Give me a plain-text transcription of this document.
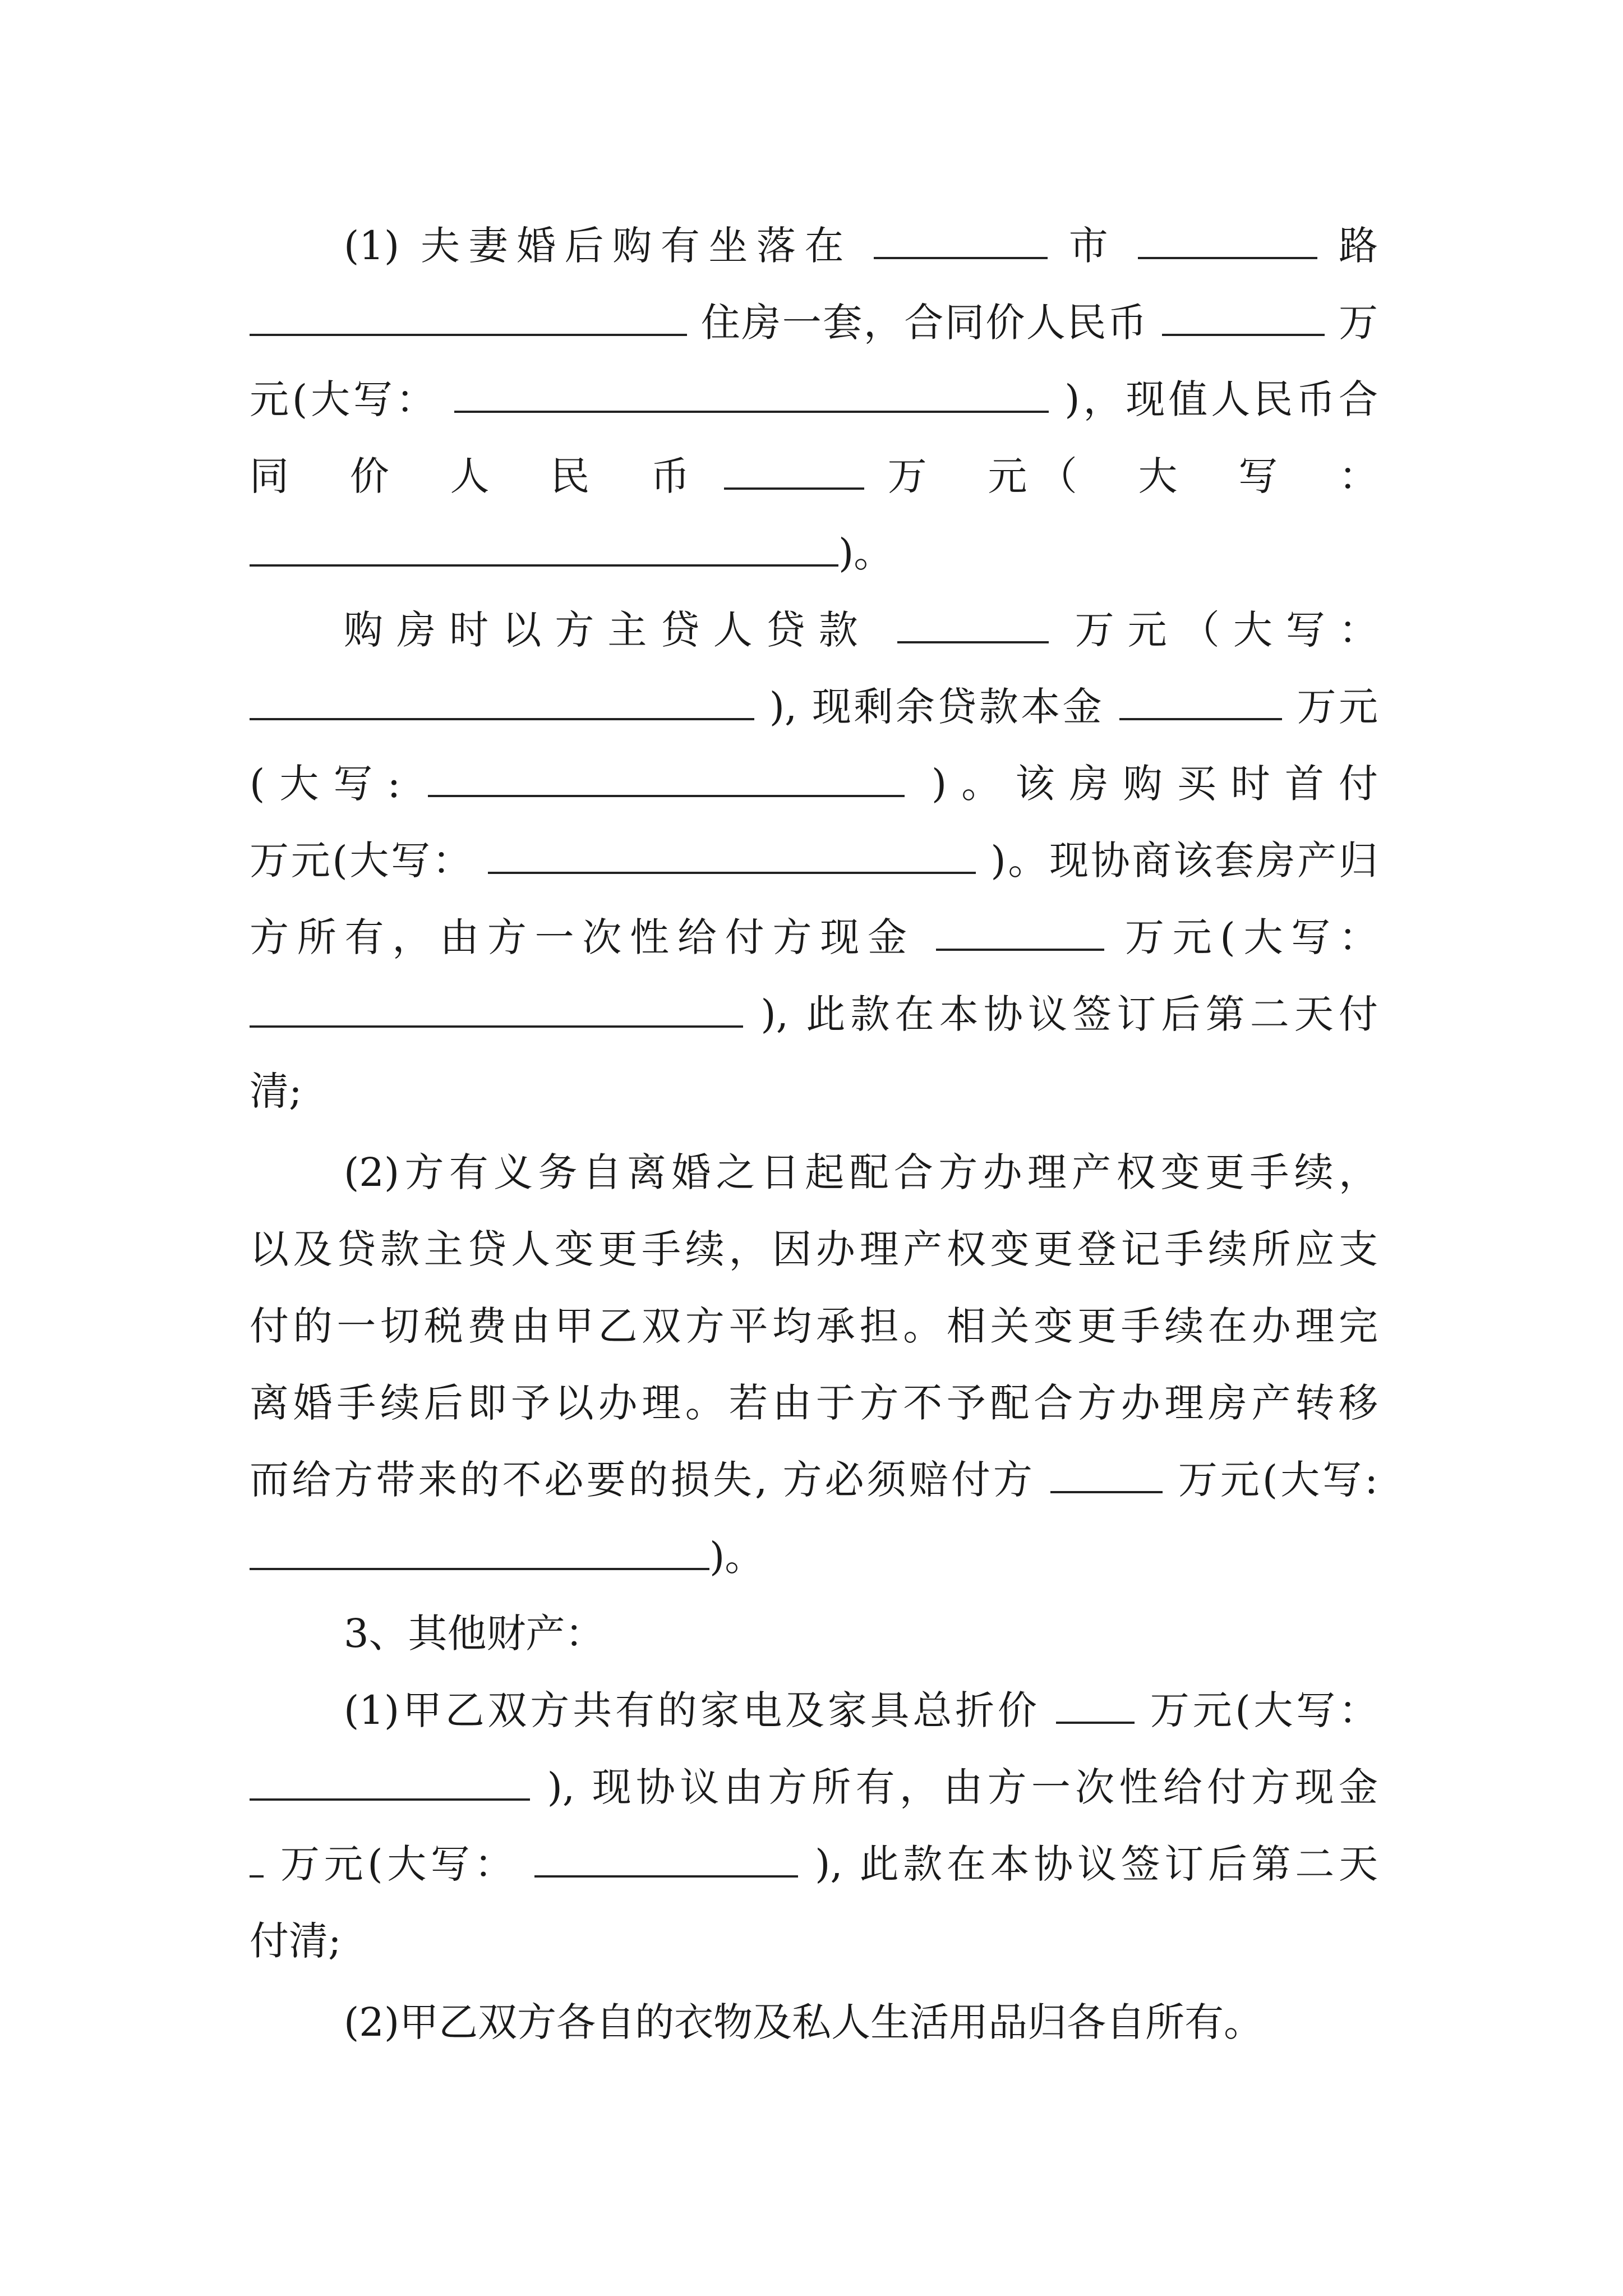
(1) 夫妻婚后购有坐落在	市	路
住房一套，合同价人民币	万
元(大写：	)，现值人民币合
同　价　人　民　币	万　元（　大　写　：
)。
购房时以方主贷人贷款	万元（大写：
), 现剩余贷款本金	万元
(大写:	)。该房购买时首付
万元(大写：	)。现协商该套房产归
方所有，由方一次性给付方现金	万元(大写：
), 此款在本协议签订后第二天付
清;
(2)方有义务自离婚之日起配合方办理产权变更手续，
以及贷款主贷人变更手续，因办理产权变更登记手续所应支
付的一切税费由甲乙双方平均承担。相关变更手续在办理完
离婚手续后即予以办理。若由于方不予配合方办理房产转移
而给方带来的不必要的损失, 方必须赔付方	万元(大写:
)。
3、其他财产：
(1)甲乙双方共有的家电及家具总折价	万元(大写：
), 现协议由方所有，由方一次性给付方现金
万元(大写：	), 此款在本协议签订后第二天
付清;
(2)甲乙双方各自的衣物及私人生活用品归各自所有。
